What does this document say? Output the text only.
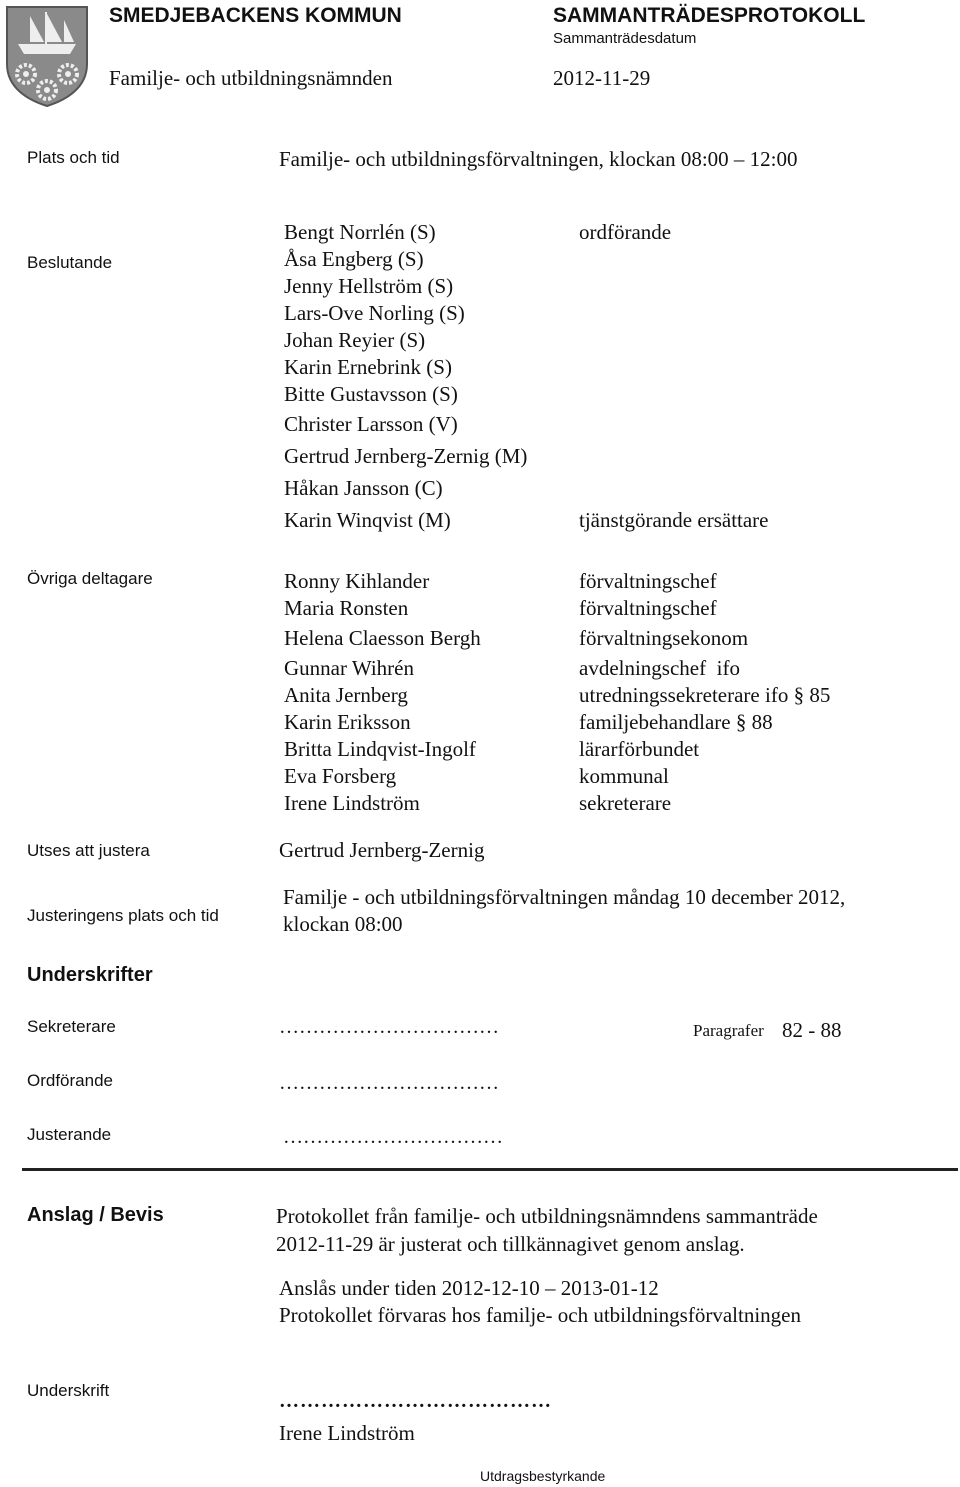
SMEDJEBACKENS KOMMUN	SAMMANTRÄDESPROTOKOLL
Sammanträdesdatum
Familje- och utbildningsnämnden	2012-11-29
Plats och tid	Familje- och utbildningsförvaltningen, klockan 08:00 – 12:00
Beslutande
Bengt Norrlén (S)	ordförande
Åsa Engberg (S)
Jenny Hellström (S)
Lars-Ove Norling (S)
Johan Reyier (S)
Karin Ernebrink (S)
Bitte Gustavsson (S)
Christer Larsson (V)
Gertrud Jernberg-Zernig (M)
Håkan Jansson (C)
Karin Winqvist (M)	tjänstgörande ersättare
Övriga deltagare	Ronny Kihlander	förvaltningschef
Maria Ronsten	förvaltningschef
Helena Claesson Bergh	förvaltningsekonom
Gunnar Wihrén	avdelningschef  ifo
Anita Jernberg	utredningssekreterare ifo § 85
Karin Eriksson	familjebehandlare § 88
Britta Lindqvist-Ingolf	lärarförbundet
Eva Forsberg	kommunal
Irene Lindström	sekreterare
Utses att justera	Gertrud Jernberg-Zernig
Justeringens plats och tid
Familje - och utbildningsförvaltningen måndag 10 december 2012,
klockan 08:00
Underskrifter
Sekreterare	……………………………	Paragrafer 82 - 88
Ordförande	……………………………
Justerande	……………………………
Anslag / Bevis	Protokollet från familje- och utbildningsnämndens sammanträde
2012-11-29 är justerat och tillkännagivet genom anslag.
Anslås under tiden 2012-12-10 – 2013-01-12
Protokollet förvaras hos familje- och utbildningsförvaltningen
Underskrift	…………………………………
Irene Lindström
Utdragsbestyrkande
